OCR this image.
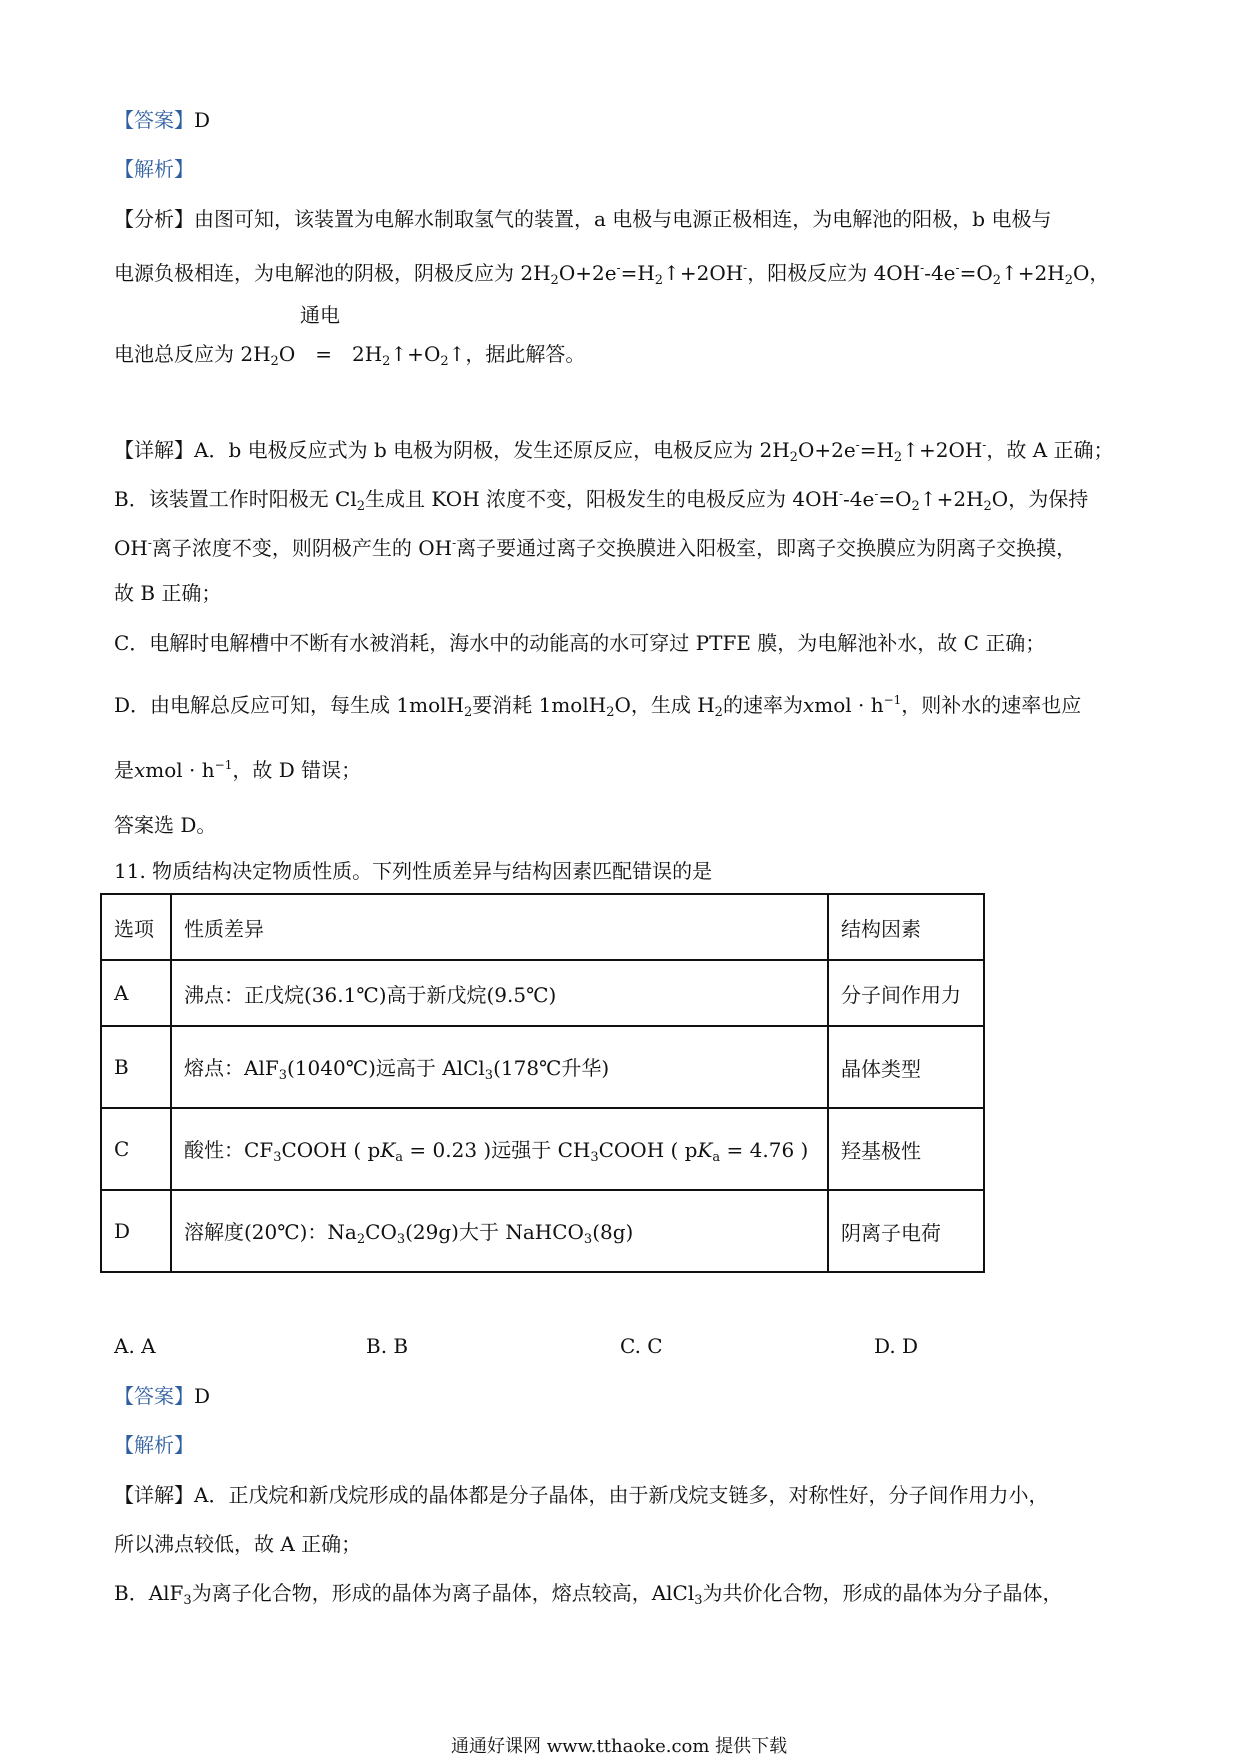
【答案】D
【解析】
【分析】由图可知，该装置为电解水制取氢气的装置，a 电极与电源正极相连，为电解池的阳极，b 电极与
电源负极相连，为电解池的阴极，阴极反应为 $2H_2O+2e^-=H_2↑+2OH^-$，阳极反应为 $4OH^--4e^-=O_2↑+2H_2O$，
通电
电池总反应为 $2H_2O$　=　$2H_2↑+O_2↑$，据此解答。
【详解】A．b 电极反应式为 b 电极为阴极，发生还原反应，电极反应为 $2H_2O+2e^-=H_2↑+2OH^-$，故 A 正确；
B．该装置工作时阳极无 $Cl_2$生成且 KOH 浓度不变，阳极发生的电极反应为 $4OH^--4e^-=O_2↑+2H_2O$，为保持
OH-离子浓度不变，则阴极产生的 OH-离子要通过离子交换膜进入阳极室，即离子交换膜应为阴离子交换摸，
故 B 正确；
C．电解时电解槽中不断有水被消耗，海水中的动能高的水可穿过 PTFE 膜，为电解池补水，故 C 正确；
D．由电解总反应可知，每生成 1molH$_2$要消耗 1molH$_2$O，生成 $H_2$的速率为xmol · $h^{-1}$，则补水的速率也应
是xmol · $h^{-1}$，故 D 错误；
答案选 D。
11. 物质结构决定物质性质。下列性质差异与结构因素匹配错误的是
选项	性质差异	结构因素
A	沸点：正戊烷(36.1℃)高于新戊烷(9.5℃)	分子间作用力
B	熔点：AlF$_3$(1040℃)远高于 AlCl$_3$(178℃升华)	晶体类型
C	酸性：$CF_3COOH$ ( $pK_a = 0.23$ )远强于 $CH_3COOH$ ( $pK_a = 4.76$ )	羟基极性
D	溶解度(20℃)：$Na_2CO_3(29g)$大于 NaHCO$_3$(8g)	阴离子电荷
A. A	B. B	C. C	D. D
【答案】D
【解析】
【详解】A．正戊烷和新戊烷形成的晶体都是分子晶体，由于新戊烷支链多，对称性好，分子间作用力小，
所以沸点较低，故 A 正确；
B．AlF$_3$为离子化合物，形成的晶体为离子晶体，熔点较高，AlCl$_3$为共价化合物，形成的晶体为分子晶体，
通通好课网 www.tthaoke.com 提供下载
